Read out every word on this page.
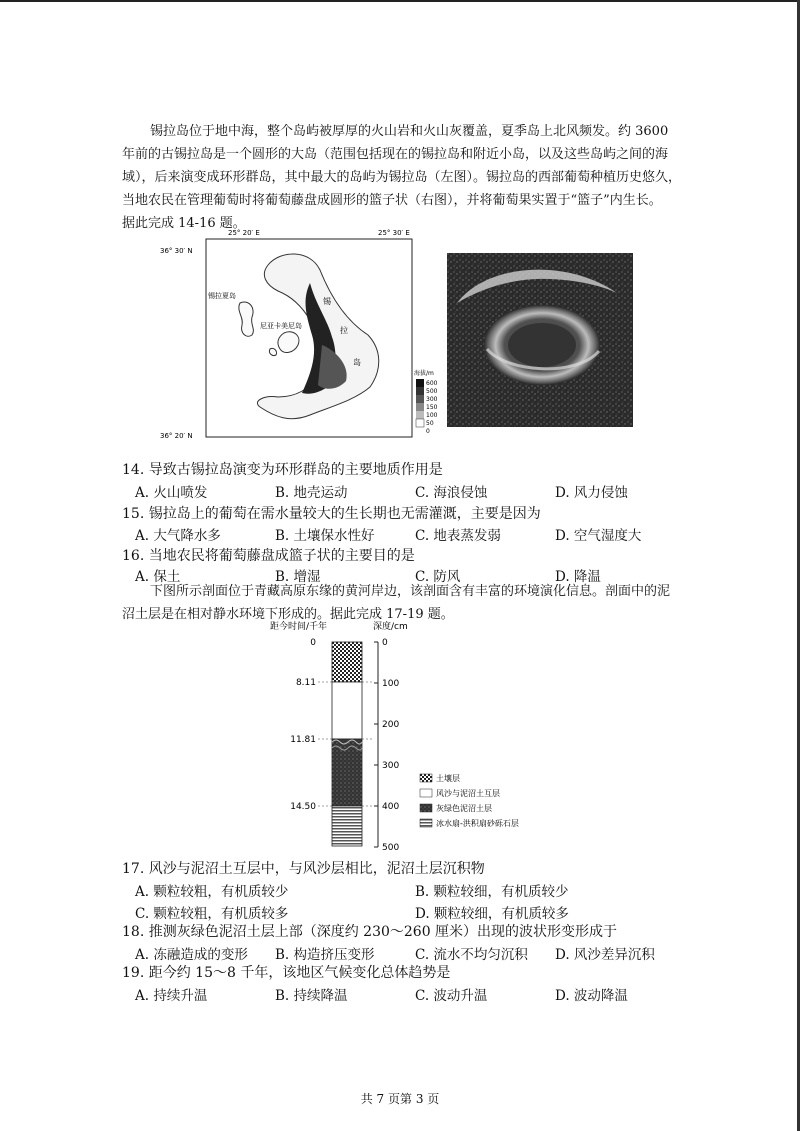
锡拉岛位于地中海，整个岛屿被厚厚的火山岩和火山灰覆盖，夏季岛上北风频发。约 3600
年前的古锡拉岛是一个圆形的大岛（范围包括现在的锡拉岛和附近小岛，以及这些岛屿之间的海
域），后来演变成环形群岛，其中最大的岛屿为锡拉岛（左图）。锡拉岛的西部葡萄种植历史悠久，
当地农民在管理葡萄时将葡萄藤盘成圆形的篮子状（右图），并将葡萄果实置于“篮子”内生长。
据此完成 14-16 题。
25° 20′ E	25° 30′ E
36° 30′ N
36° 20′ N
锡拉夏岛
尼亚卡美尼岛
锡
拉
岛
海拔/m
600
500
300
150
100
50
0
14. 导致古锡拉岛演变为环形群岛的主要地质作用是
A. 火山喷发	B. 地壳运动	C. 海浪侵蚀	D. 风力侵蚀
15. 锡拉岛上的葡萄在需水量较大的生长期也无需灌溉，主要是因为
A. 大气降水多	B. 土壤保水性好	C. 地表蒸发弱	D. 空气湿度大
16. 当地农民将葡萄藤盘成篮子状的主要目的是
A. 保土	B. 增湿	C. 防风	D. 降温
下图所示剖面位于青藏高原东缘的黄河岸边，该剖面含有丰富的环境演化信息。剖面中的泥
沼土层是在相对静水环境下形成的。据此完成 17-19 题。
距今时间/千年	深度/cm
0
8.11
11.81
14.50
0
100
200
300
400
500
土壤层
风沙与泥沼土互层
灰绿色泥沼土层
冰水扇-洪积扇砂砾石层
17. 风沙与泥沼土互层中，与风沙层相比，泥沼土层沉积物
A. 颗粒较粗，有机质较少	B. 颗粒较细，有机质较少
C. 颗粒较粗，有机质较多	D. 颗粒较细，有机质较多
18. 推测灰绿色泥沼土层上部（深度约 230～260 厘米）出现的波状形变形成于
A. 冻融造成的变形	B. 构造挤压变形	C. 流水不均匀沉积	D. 风沙差异沉积
19. 距今约 15～8 千年，该地区气候变化总体趋势是
A. 持续升温	B. 持续降温	C. 波动升温	D. 波动降温
共 7 页第 3 页
